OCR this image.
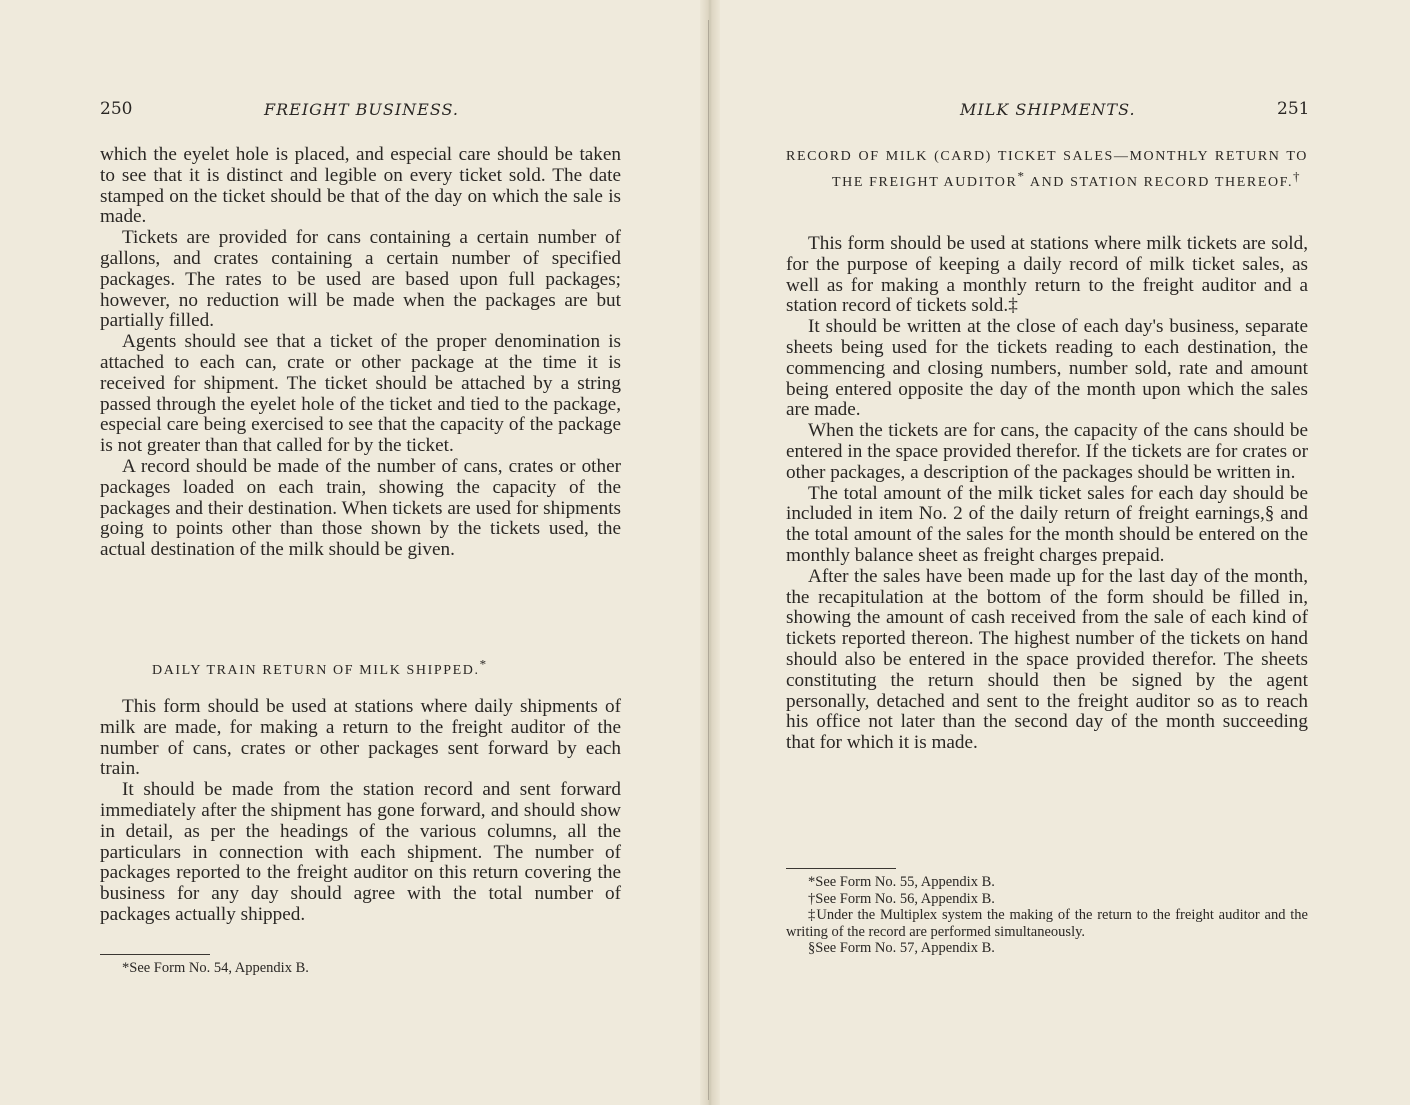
250	FREIGHT BUSINESS.

which the eyelet hole is placed, and especial care should be taken to see that it is distinct and legible on every ticket sold. The date stamped on the ticket should be that of the day on which the sale is made.

Tickets are provided for cans containing a certain number of gallons, and crates containing a certain number of specified packages. The rates to be used are based upon full packages; however, no reduction will be made when the packages are but partially filled.

Agents should see that a ticket of the proper denomination is attached to each can, crate or other package at the time it is received for shipment. The ticket should be attached by a string passed through the eyelet hole of the ticket and tied to the package, especial care being exercised to see that the capacity of the package is not greater than that called for by the ticket.

A record should be made of the number of cans, crates or other packages loaded on each train, showing the capacity of the packages and their destination. When tickets are used for shipments going to points other than those shown by the tickets used, the actual destination of the milk should be given.

DAILY TRAIN RETURN OF MILK SHIPPED.*

This form should be used at stations where daily shipments of milk are made, for making a return to the freight auditor of the number of cans, crates or other packages sent forward by each train.

It should be made from the station record and sent forward immediately after the shipment has gone forward, and should show in detail, as per the headings of the various columns, all the particulars in connection with each shipment. The number of packages reported to the freight auditor on this return covering the business for any day should agree with the total number of packages actually shipped.

*See Form No. 54, Appendix B.

MILK SHIPMENTS.	251
RECORD OF MILK (CARD) TICKET SALES—MONTHLY RETURN TO THE FREIGHT AUDITOR* AND STATION RECORD THEREOF.†

This form should be used at stations where milk tickets are sold, for the purpose of keeping a daily record of milk ticket sales, as well as for making a monthly return to the freight auditor and a station record of tickets sold.‡

It should be written at the close of each day's business, separate sheets being used for the tickets reading to each destination, the commencing and closing numbers, number sold, rate and amount being entered opposite the day of the month upon which the sales are made.

When the tickets are for cans, the capacity of the cans should be entered in the space provided therefor. If the tickets are for crates or other packages, a description of the packages should be written in.

The total amount of the milk ticket sales for each day should be included in item No. 2 of the daily return of freight earnings,§ and the total amount of the sales for the month should be entered on the monthly balance sheet as freight charges prepaid.

After the sales have been made up for the last day of the month, the recapitulation at the bottom of the form should be filled in, showing the amount of cash received from the sale of each kind of tickets reported thereon. The highest number of the tickets on hand should also be entered in the space provided therefor. The sheets constituting the return should then be signed by the agent personally, detached and sent to the freight auditor so as to reach his office not later than the second day of the month succeeding that for which it is made.

*See Form No. 55, Appendix B.

†See Form No. 56, Appendix B.

‡Under the Multiplex system the making of the return to the freight auditor and the writing of the record are performed simultaneously.

§See Form No. 57, Appendix B.
